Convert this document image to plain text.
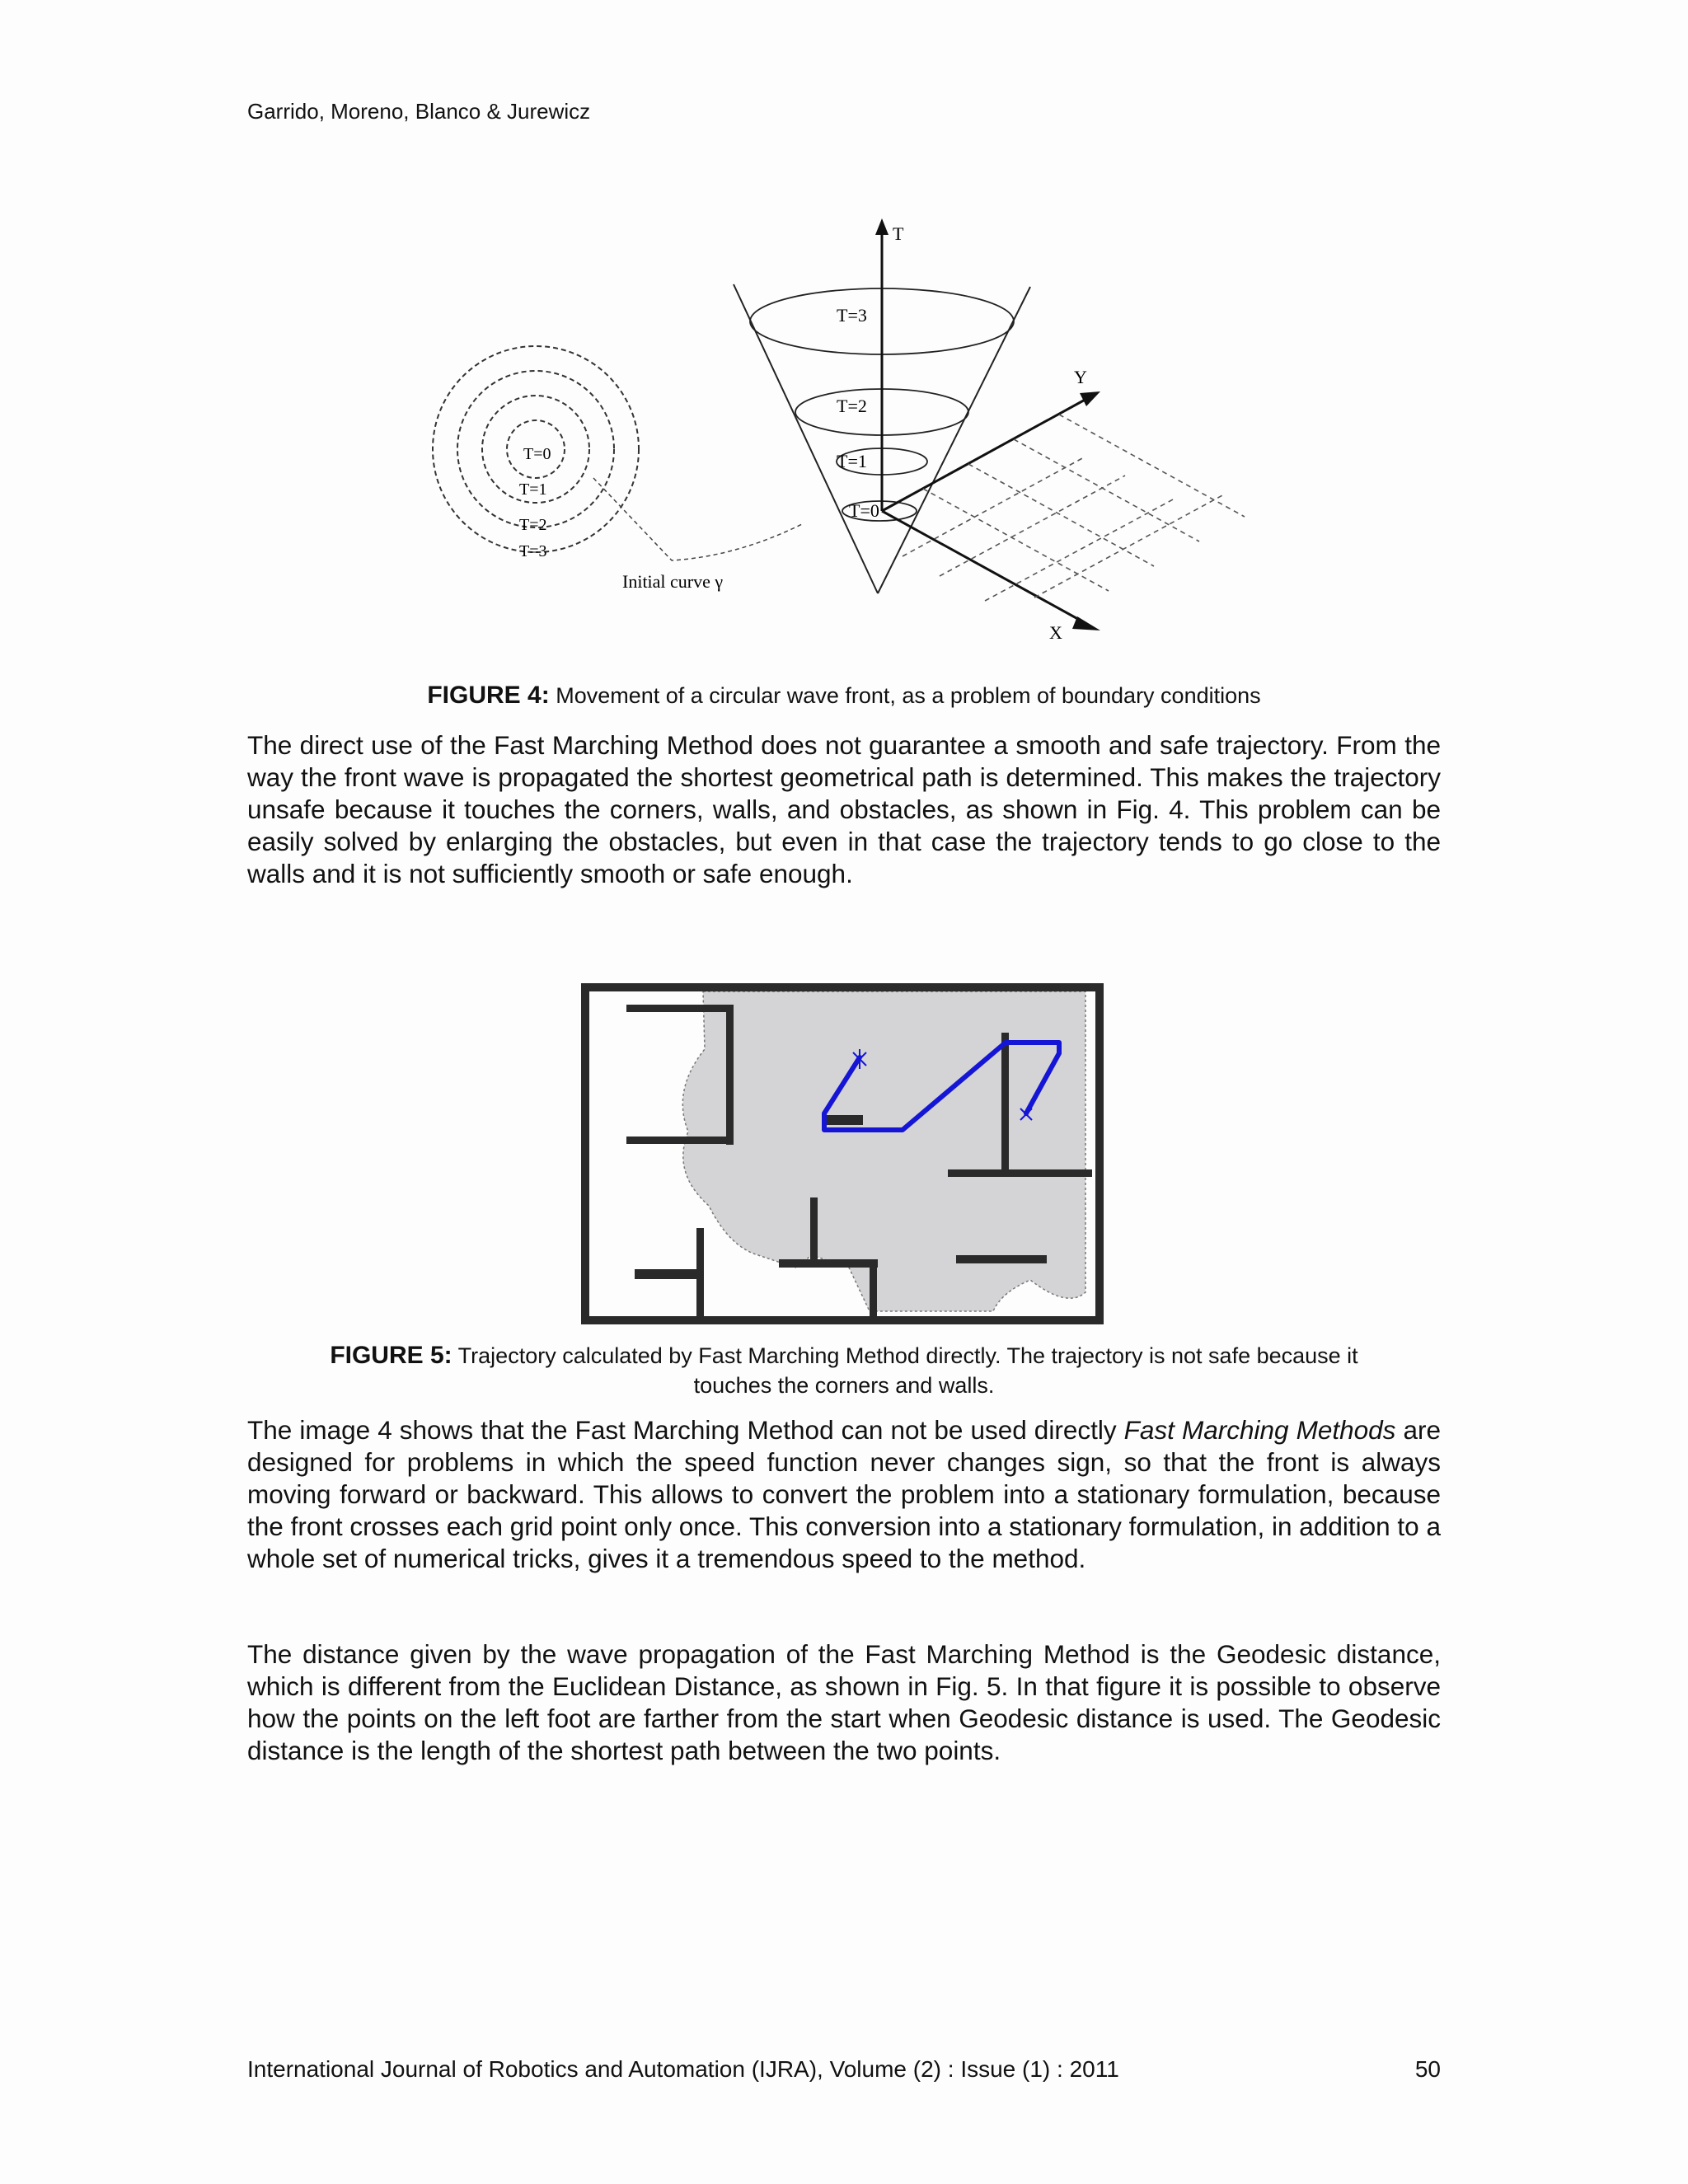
Garrido, Moreno, Blanco & Jurewicz
T=0
T=1
T=2
T=3
Initial curve γ
T=3
T=2
T=1
T=0
T
Y
X
FIGURE 4: Movement of a circular wave front, as a problem of boundary conditions

The direct use of the Fast Marching Method does not guarantee a smooth and safe trajectory. From the way the front wave is propagated the shortest geometrical path is determined. This makes the trajectory unsafe because it touches the corners, walls, and obstacles, as shown in Fig. 4. This problem can be easily solved by enlarging the obstacles, but even in that case the trajectory tends to go close to the walls and it is not sufficiently smooth or safe enough.

FIGURE 5: Trajectory calculated by Fast Marching Method directly. The trajectory is not safe because it
touches the corners and walls.

The image 4 shows that the Fast Marching Method can not be used directly Fast Marching Methods are designed for problems in which the speed function never changes sign, so that the front is always moving forward or backward. This allows to convert the problem into a stationary formulation, because the front crosses each grid point only once. This conversion into a stationary formulation, in addition to a whole set of numerical tricks, gives it a tremendous speed to the method.

The distance given by the wave propagation of the Fast Marching Method is the Geodesic distance, which is different from the Euclidean Distance, as shown in Fig. 5. In that figure it is possible to observe how the points on the left foot are farther from the start when Geodesic distance is used. The Geodesic distance is the length of the shortest path between the two points.

International Journal of Robotics and Automation (IJRA), Volume (2) : Issue (1) : 2011	50
